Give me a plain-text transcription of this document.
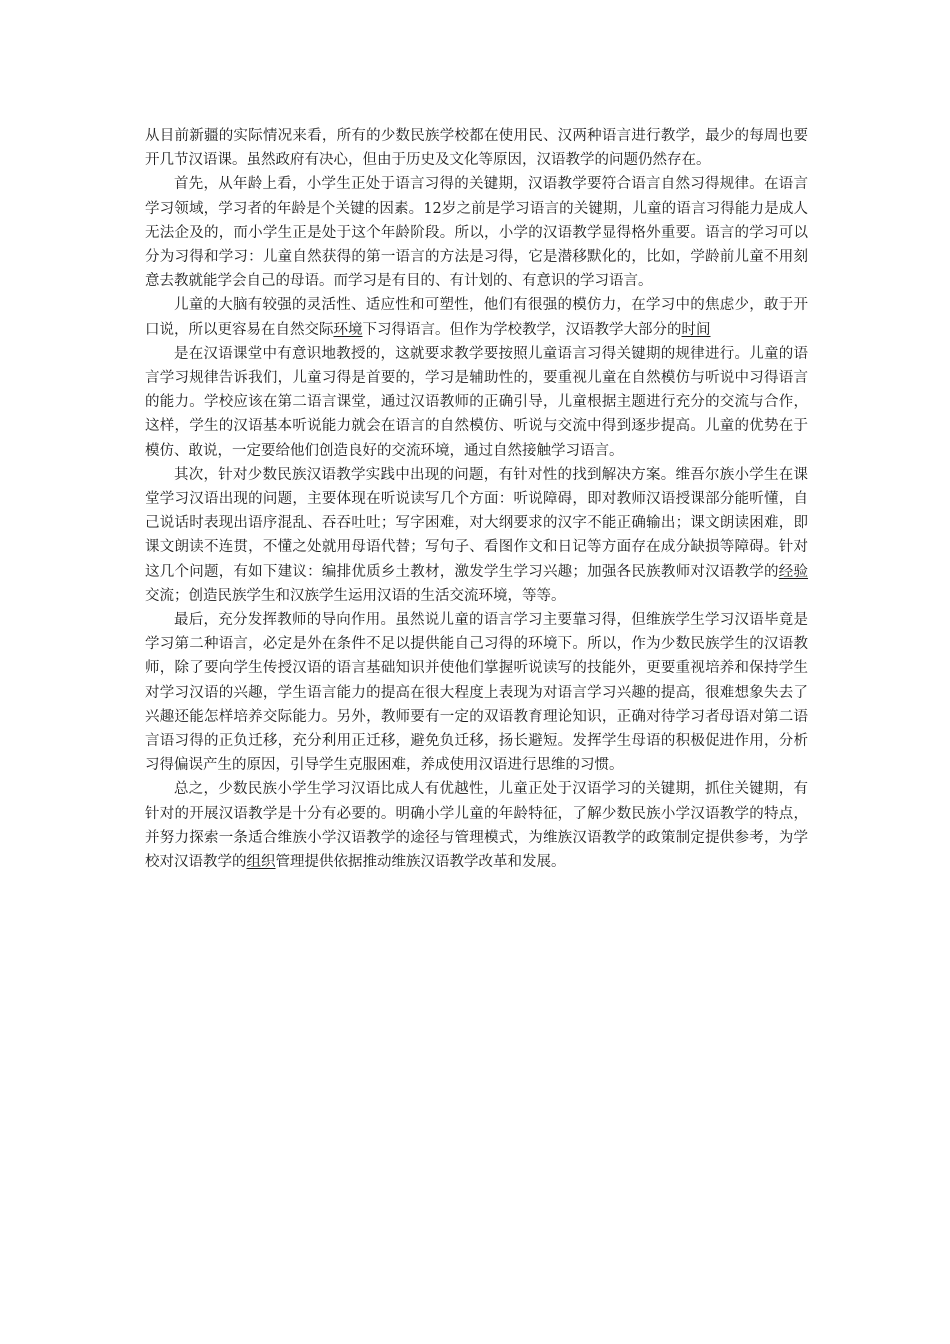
从目前新疆的实际情况来看，所有的少数民族学校都在使用民、汉两种语言进行教学，最少的每周也要开几节汉语课。虽然政府有决心，但由于历史及文化等原因，汉语教学的问题仍然存在。

首先，从年龄上看，小学生正处于语言习得的关键期，汉语教学要符合语言自然习得规律。在语言学习领域，学习者的年龄是个关键的因素。12岁之前是学习语言的关键期，儿童的语言习得能力是成人无法企及的，而小学生正是处于这个年龄阶段。所以，小学的汉语教学显得格外重要。语言的学习可以分为习得和学习：儿童自然获得的第一语言的方法是习得，它是潜移默化的，比如，学龄前儿童不用刻意去教就能学会自己的母语。而学习是有目的、有计划的、有意识的学习语言。

儿童的大脑有较强的灵活性、适应性和可塑性，他们有很强的模仿力，在学习中的焦虑少，敢于开口说，所以更容易在自然交际环境下习得语言。但作为学校教学，汉语教学大部分的时间

是在汉语课堂中有意识地教授的，这就要求教学要按照儿童语言习得关键期的规律进行。儿童的语言学习规律告诉我们，儿童习得是首要的，学习是辅助性的，要重视儿童在自然模仿与听说中习得语言的能力。学校应该在第二语言课堂，通过汉语教师的正确引导，儿童根据主题进行充分的交流与合作，这样，学生的汉语基本听说能力就会在语言的自然模仿、听说与交流中得到逐步提高。儿童的优势在于模仿、敢说，一定要给他们创造良好的交流环境，通过自然接触学习语言。

其次，针对少数民族汉语教学实践中出现的问题，有针对性的找到解决方案。维吾尔族小学生在课堂学习汉语出现的问题，主要体现在听说读写几个方面：听说障碍，即对教师汉语授课部分能听懂，自己说话时表现出语序混乱、吞吞吐吐；写字困难，对大纲要求的汉字不能正确输出；课文朗读困难，即课文朗读不连贯，不懂之处就用母语代替；写句子、看图作文和日记等方面存在成分缺损等障碍。针对这几个问题，有如下建议：编排优质乡土教材，激发学生学习兴趣；加强各民族教师对汉语教学的经验交流；创造民族学生和汉族学生运用汉语的生活交流环境，等等。

最后，充分发挥教师的导向作用。虽然说儿童的语言学习主要靠习得，但维族学生学习汉语毕竟是学习第二种语言，必定是外在条件不足以提供能自己习得的环境下。所以，作为少数民族学生的汉语教师，除了要向学生传授汉语的语言基础知识并使他们掌握听说读写的技能外，更要重视培养和保持学生对学习汉语的兴趣，学生语言能力的提高在很大程度上表现为对语言学习兴趣的提高，很难想象失去了兴趣还能怎样培养交际能力。另外，教师要有一定的双语教育理论知识，正确对待学习者母语对第二语言语习得的正负迁移，充分利用正迁移，避免负迁移，扬长避短。发挥学生母语的积极促进作用，分析习得偏误产生的原因，引导学生克服困难，养成使用汉语进行思维的习惯。

总之，少数民族小学生学习汉语比成人有优越性，儿童正处于汉语学习的关键期，抓住关键期，有针对的开展汉语教学是十分有必要的。明确小学儿童的年龄特征，了解少数民族小学汉语教学的特点，并努力探索一条适合维族小学汉语教学的途径与管理模式，为维族汉语教学的政策制定提供参考，为学校对汉语教学的组织管理提供依据推动维族汉语教学改革和发展。
